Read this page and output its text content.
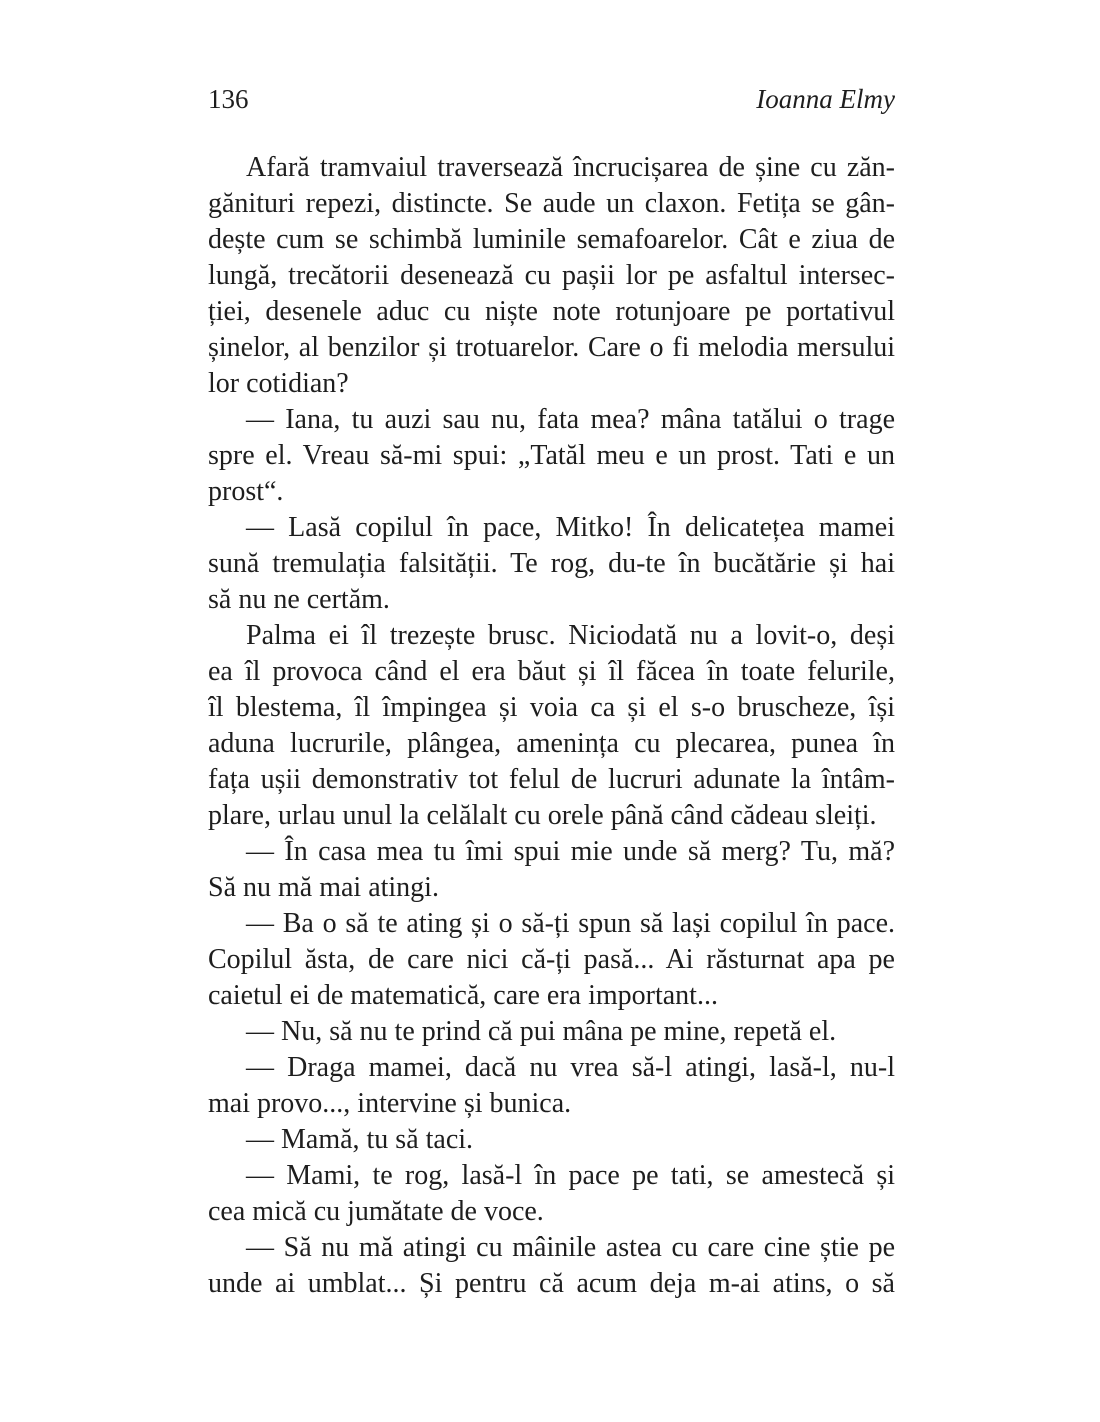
136	Ioanna Elmy
Afară tramvaiul traversează încrucișarea de șine cu zăn-
gănituri repezi, distincte. Se aude un claxon. Fetița se gân-
dește cum se schimbă luminile semafoarelor. Cât e ziua de
lungă, trecătorii desenează cu pașii lor pe asfaltul intersec-
ției, desenele aduc cu niște note rotunjoare pe portativul
șinelor, al benzilor și trotuarelor. Care o fi melodia mersului
lor cotidian?
— Iana, tu auzi sau nu, fata mea? mâna tatălui o trage
spre el. Vreau să-mi spui: „Tatăl meu e un prost. Tati e un
prost“.
— Lasă copilul în pace, Mitko! În delicatețea mamei
sună tremulația falsității. Te rog, du-te în bucătărie și hai
să nu ne certăm.
Palma ei îl trezește brusc. Niciodată nu a lovit-o, deși
ea îl provoca când el era băut și îl făcea în toate felurile,
îl blestema, îl împingea și voia ca și el s-o bruscheze, își
aduna lucrurile, plângea, amenința cu plecarea, punea în
fața ușii demonstrativ tot felul de lucruri adunate la întâm-
plare, urlau unul la celălalt cu orele până când cădeau sleiți.
— În casa mea tu îmi spui mie unde să merg? Tu, mă?
Să nu mă mai atingi.
— Ba o să te ating și o să-ți spun să lași copilul în pace.
Copilul ăsta, de care nici că-ți pasă... Ai răsturnat apa pe
caietul ei de matematică, care era important...
— Nu, să nu te prind că pui mâna pe mine, repetă el.
— Draga mamei, dacă nu vrea să-l atingi, lasă-l, nu-l
mai provo..., intervine și bunica.
— Mamă, tu să taci.
— Mami, te rog, lasă-l în pace pe tati, se amestecă și
cea mică cu jumătate de voce.
— Să nu mă atingi cu mâinile astea cu care cine știe pe
unde ai umblat... Și pentru că acum deja m-ai atins, o să
